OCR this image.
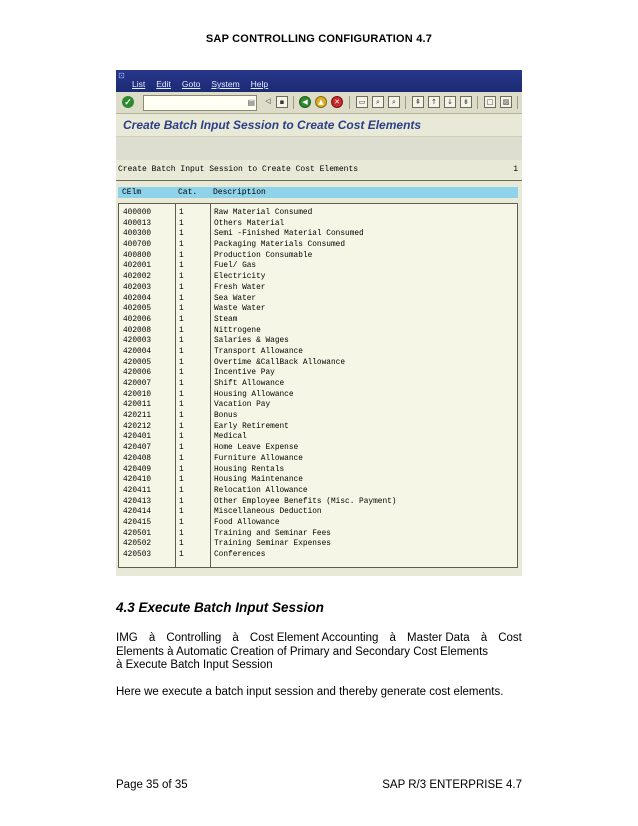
SAP CONTROLLING CONFIGURATION 4.7
⊡
List Edit Goto System Help
✓	▤	◁	▪	◀	▲	✕	▭	⌕	⌕	⇞	↑	↓	⇟	□	▨
Create Batch Input Session to Create Cost Elements
Create Batch Input Session to Create Cost Elements	1
CElm	Cat. Description
400000	1	Raw Material Consumed
400013	1	Others Material
400300	1	Semi -Finished Material Consumed
400700	1	Packaging Materials Consumed
400800	1	Production Consumable
402001	1	Fuel/ Gas
402002	1	Electricity
402003	1	Fresh Water
402004	1	Sea Water
402005	1	Waste Water
402006	1	Steam
402008	1	Nittrogene
420003	1	Salaries & Wages
420004	1	Transport Allowance
420005	1	Overtime &CallBack Allowance
420006	1	Incentive Pay
420007	1	Shift Allowance
420010	1	Housing Allowance
420011	1	Vacation Pay
420211	1	Bonus
420212	1	Early Retirement
420401	1	Medical
420407	1	Home Leave Expense
420408	1	Furniture Allowance
420409	1	Housing Rentals
420410	1	Housing Maintenance
420411	1	Relocation Allowance
420413	1	Other Employee Benefits (Misc. Payment)
420414	1	Miscellaneous Deduction
420415	1	Food Allowance
420501	1	Training and Seminar Fees
420502	1	Training Seminar Expenses
420503	1	Conferences
4.3 Execute Batch Input Session
IMG à Controlling à Cost Element Accounting à Master Data à Cost
Elements à Automatic Creation of Primary and Secondary Cost Elements
à Execute Batch Input Session
Here we execute a batch input session and thereby generate cost elements.
Page 35 of 35	SAP R/3 ENTERPRISE 4.7
